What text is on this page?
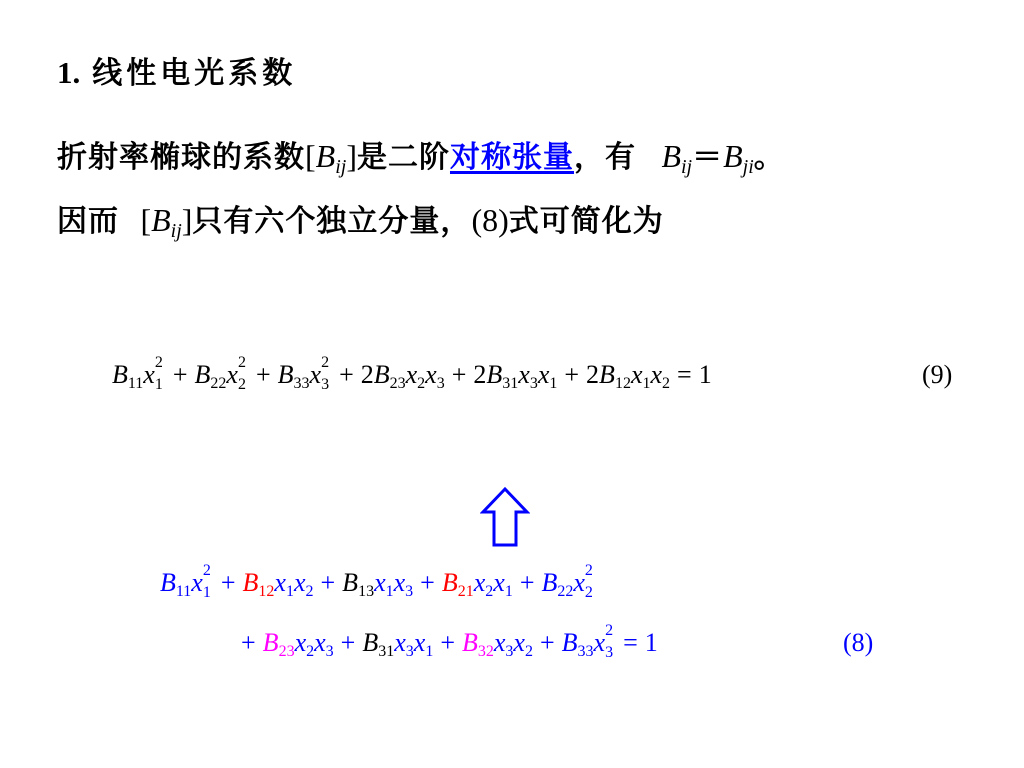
1. 线性电光系数
折射率椭球的系数$[B_{ij}]$是二阶对称张量，有 $B_{ij}=B_{ji}$。
因而 $[B_{ij}]$只有六个独立分量，(8)式可简化为
$B_{11}x$ 2
$1 + B_{22}x$ 2
$2 + B_{33}x$ 2
$3 + 2B_{23}x_2x_3 + 2B_{31}x_3x_1 + 2B_{12}x_1x_2 = 1$	(9)
$B_{11}x$ 2
$1 + B_{12}x_1x_2 + B_{13}x_1x_3 + B_{21}x_2x_1 + B_{22}x$ 2
2
+ $B_{23}x_2x_3 + B_{31}x_3x_1 + B_{32}x_3x_2 + B_{33}x$ 2
3 = 1	(8)
